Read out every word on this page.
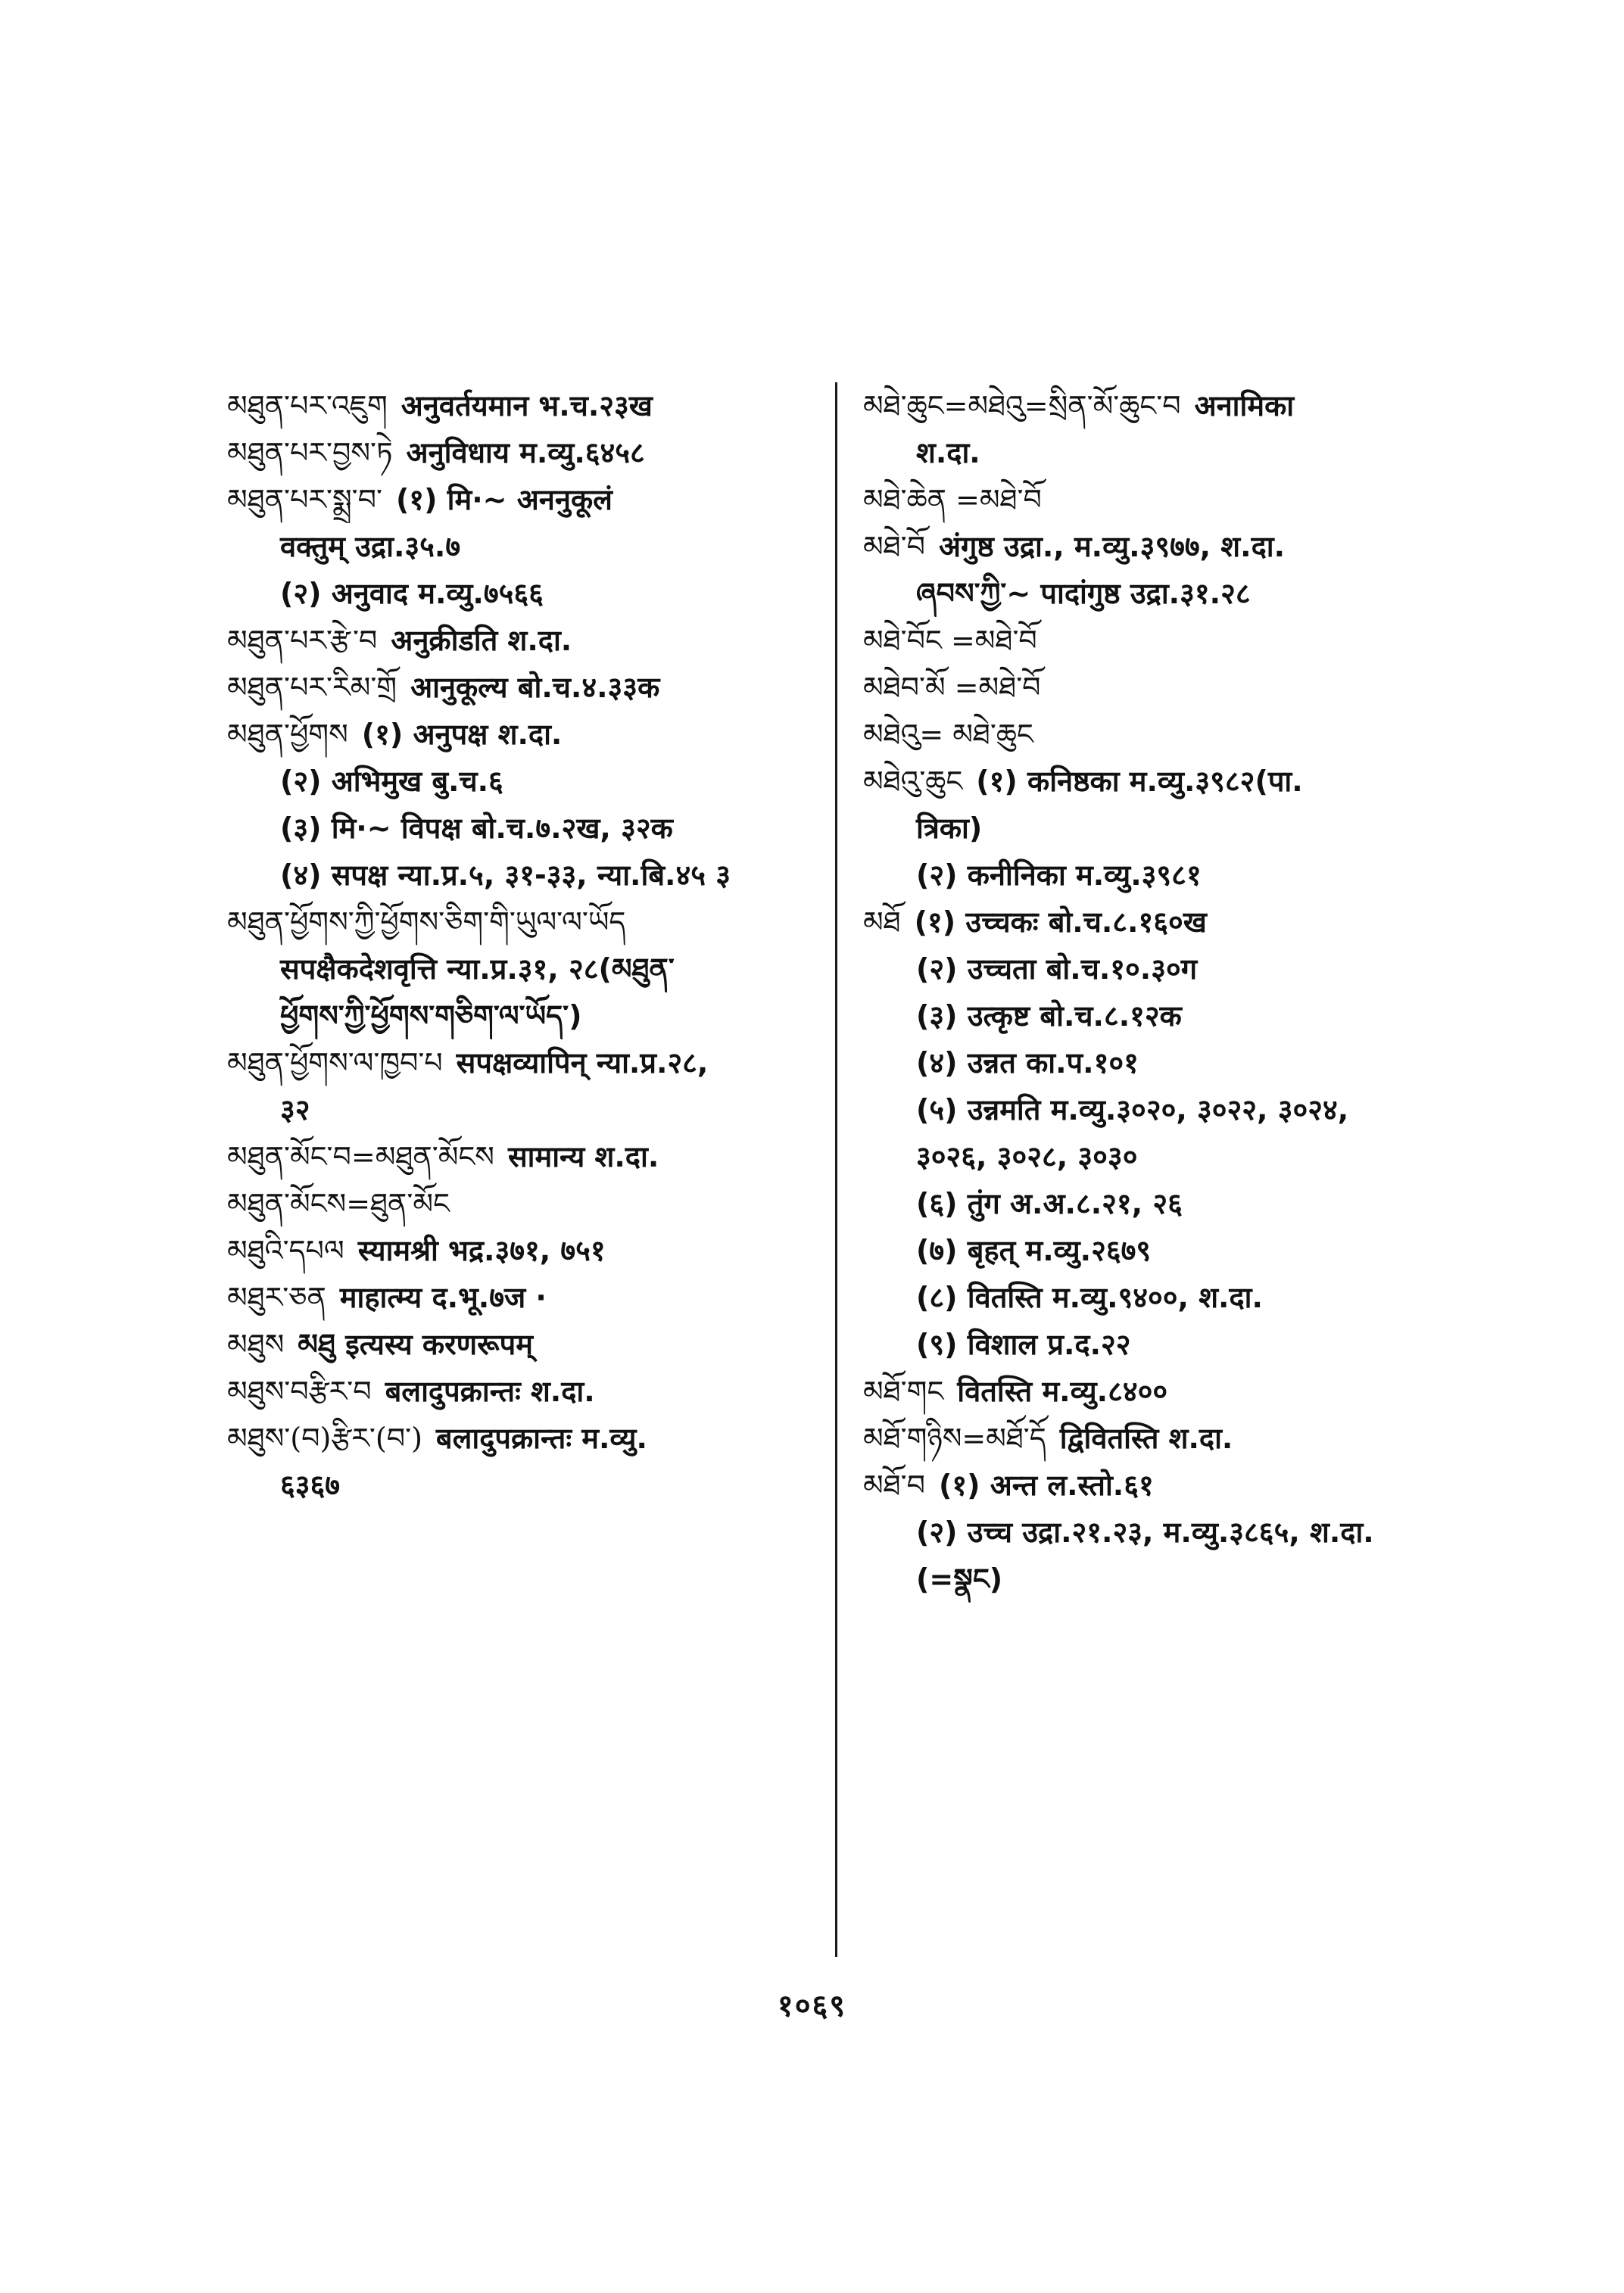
མཐུན་པར་འཇུག अनुवर्तयमान भ.च.२३ख
མཐུན་པར་བྱས་ཏེ अनुविधाय म.व्यु.६४५८
མཐུན་པར་སྨྲ་བ་ (१) मि·~ अननुकूलं
वक्तुम् उद्रा.३५.७
(२) अनुवाद म.व्यु.७५६६
མཐུན་པར་རྩེ་བ अनुक्रीडति श.दा.
མཐུན་པར་རིམ་གྲོ आनुकूल्य बो.च.४.३३क
མཐུན་ཕྱོགས (१) अनुपक्ष श.दा.
(२) अभिमुख बु.च.६
(३) मि·~ विपक्ष बो.च.७.२ख, ३२क
(४) सपक्ष न्या.प्र.५, ३१-३३, न्या.बि.४५ ३
མཐུན་ཕྱོགས་ཀྱི་ཕྱོགས་ཅིག་གི་ཡུལ་ལ་ཡོད
सपक्षैकदेशवृत्ति न्या.प्र.३१, २८(མཐུན་
ཕྱོགས་ཀྱི་ཕྱོགས་གཅིག་ལ་ཡོད་)
མཐུན་ཕྱོགས་ལ་ཁྱབ་པ सपक्षव्यापिन् न्या.प्र.२८,
३२
མཐུན་མོང་བ=མཐུན་མོངས सामान्य श.दा.
མཐུན་མོངས=ཐུན་མོང
མཐུའི་དཔལ स्यामश्री भद्र.३७१, ७५१
མཐུར་ཅན माहात्म्य द.भू.७ज ·
མཐུས མཐུ इत्यस्य करणरूपम्
མཐུས་བརྩིར་བ बलादुपक्रान्तः श.दा.
མཐུས་(བ)རྩིར་(བ་) बलादुपक्रान्तः म.व्यु.
६३६७
མཐེ་ཆུང=མཐེའུ=སྲིན་མོ་ཆུང་བ अनामिका
श.दा.
མཐེ་ཆེན =མཐེ་བོ
མཐེ་བོ अंगुष्ठ उद्रा., म.व्यु.३९७७, श.दा.
ཞབས་ཀྱི་~ पादांगुष्ठ उद्रा.३१.२८
མཐེ་བོང =མཐེ་བོ
མཐེབ་མོ =མཐེ་བོ
མཐེའུ= མཐེ་ཆུང
མཐེའུ་ཆུང (१) कनिष्ठका म.व्यु.३९८२(पा.
त्रिका)
(२) कनीनिका म.व्यु.३९८१
མཐོ (१) उच्चकः बो.च.८.१६०ख
(२) उच्चता बो.च.१०.३०ग
(३) उत्कृष्ट बो.च.८.१२क
(४) उन्नत का.प.१०१
(५) उन्नमति म.व्यु.३०२०, ३०२२, ३०२४,
३०२६, ३०२८, ३०३०
(६) तुंग अ.अ.८.२१, २६
(७) बृहत् म.व्यु.२६७९
(८) वितस्ति म.व्यु.९४००, श.दा.
(९) विशाल प्र.द.२२
མཐོ་གང वितस्ति म.व्यु.८४००
མཐོ་གཉིས=མཐོ་དོ द्विवितस्ति श.दा.
མཐོ་བ (१) अन्त ल.स्तो.६१
(२) उच्च उद्रा.२१.२३, म.व्यु.३८६५, श.दा.
(=སྣང)
१०६९
